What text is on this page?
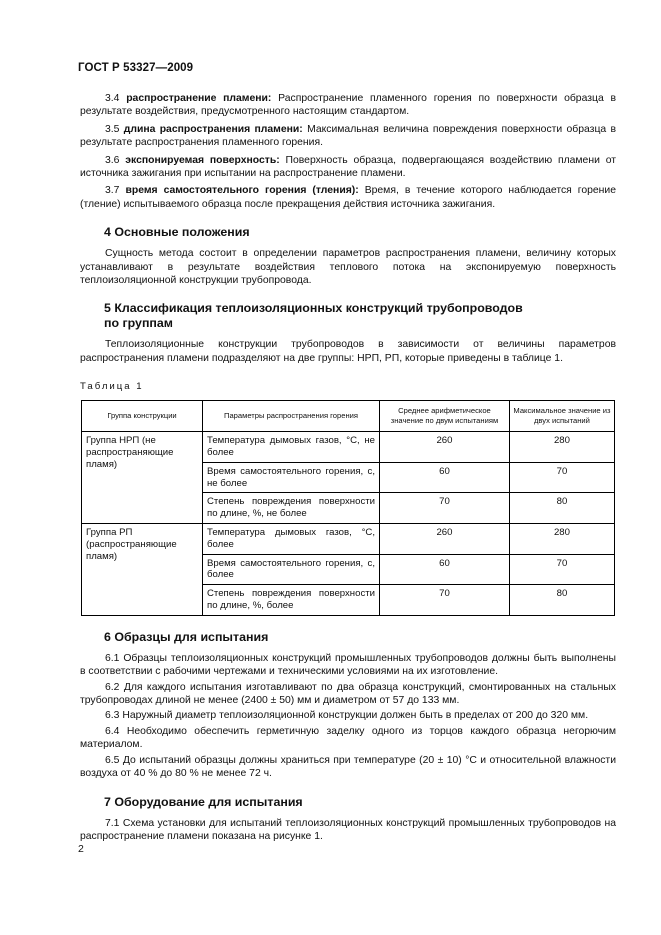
ГОСТ Р 53327—2009

3.4 распространение пламени: Распространение пламенного горения по поверхности образца в результате воздействия, предусмотренного настоящим стандартом.

3.5 длина распространения пламени: Максимальная величина повреждения поверхности образца в результате распространения пламенного горения.

3.6 экспонируемая поверхность: Поверхность образца, подвергающаяся воздействию пламени от источника зажигания при испытании на распространение пламени.

3.7 время самостоятельного горения (тления): Время, в течение которого наблюдается горение (тление) испытываемого образца после прекращения действия источника зажигания.

4 Основные положения

Сущность метода состоит в определении параметров распространения пламени, величину которых устанавливают в результате воздействия теплового потока на экспонируемую поверхность теплоизоляционной конструкции трубопровода.

5 Классификация теплоизоляционных конструкций трубопроводов
по группам

Теплоизоляционные конструкции трубопроводов в зависимости от величины параметров распространения пламени подразделяют на две группы: НРП, РП, которые приведены в таблице 1.

Таблица 1
Группа конструкции	Параметры распространения горения	Среднее арифметическое значение по двум испытаниям	Максимальное значение из двух испытаний
Группа НРП (не распространяющие пламя)	Температура дымовых газов, °С, не более	260	280
	Время самостоятельного горения, с, не более	60	70
	Степень повреждения поверхности по длине, %, не более	70	80
Группа РП (распространяющие пламя)	Температура дымовых газов, °С, более	260	280
	Время самостоятельного горения, с, более	60	70
	Степень повреждения поверхности по длине, %, более	70	80
6 Образцы для испытания

6.1 Образцы теплоизоляционных конструкций промышленных трубопроводов должны быть выполнены в соответствии с рабочими чертежами и техническими условиями на их изготовление.

6.2 Для каждого испытания изготавливают по два образца конструкций, смонтированных на стальных трубопроводах длиной не менее (2400 ± 50) мм и диаметром от 57 до 133 мм.

6.3 Наружный диаметр теплоизоляционной конструкции должен быть в пределах от 200 до 320 мм.

6.4 Необходимо обеспечить герметичную заделку одного из торцов каждого образца негорючим материалом.

6.5 До испытаний образцы должны храниться при температуре (20 ± 10) °С и относительной влажности воздуха от 40 % до 80 % не менее 72 ч.

7 Оборудование для испытания

7.1 Схема установки для испытаний теплоизоляционных конструкций промышленных трубопроводов на распространение пламени показана на рисунке 1.

2
